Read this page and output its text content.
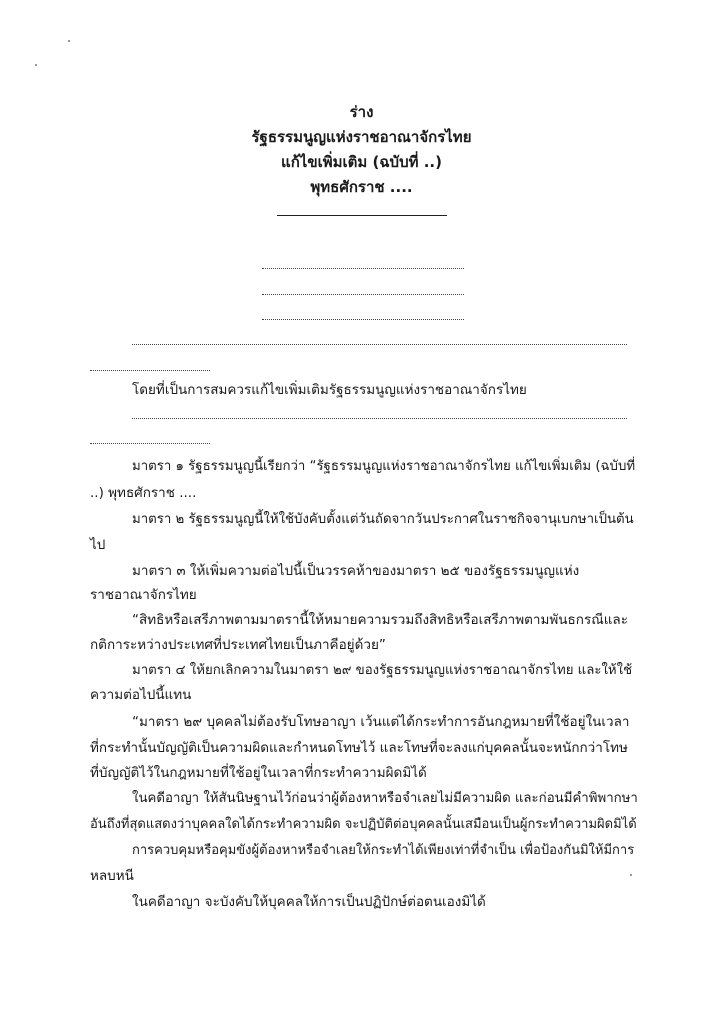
ร่าง
รัฐธรรมนูญแห่งราชอาณาจักรไทย
แก้ไขเพิ่มเติม (ฉบับที่ ..)
พุทธศักราช ....
โดยที่เป็นการสมควรแก้ไขเพิ่มเติมรัฐธรรมนูญแห่งราชอาณาจักรไทย
มาตรา ๑ รัฐธรรมนูญนี้เรียกว่า “รัฐธรรมนูญแห่งราชอาณาจักรไทย แก้ไขเพิ่มเติม (ฉบับที่
..) พุทธศักราช ....
มาตรา ๒ รัฐธรรมนูญนี้ให้ใช้บังคับตั้งแต่วันถัดจากวันประกาศในราชกิจจานุเบกษาเป็นต้น
ไป
มาตรา ๓ ให้เพิ่มความต่อไปนี้เป็นวรรคห้าของมาตรา ๒๕ ของรัฐธรรมนูญแห่ง
ราชอาณาจักรไทย
“สิทธิหรือเสรีภาพตามมาตรานี้ให้หมายความรวมถึงสิทธิหรือเสรีภาพตามพันธกรณีและ
กติการะหว่างประเทศที่ประเทศไทยเป็นภาคีอยู่ด้วย”
มาตรา ๔ ให้ยกเลิกความในมาตรา ๒๙ ของรัฐธรรมนูญแห่งราชอาณาจักรไทย และให้ใช้
ความต่อไปนี้แทน
“มาตรา ๒๙ บุคคลไม่ต้องรับโทษอาญา เว้นแต่ได้กระทำการอันกฎหมายที่ใช้อยู่ในเวลา
ที่กระทำนั้นบัญญัติเป็นความผิดและกำหนดโทษไว้ และโทษที่จะลงแก่บุคคลนั้นจะหนักกว่าโทษ
ที่บัญญัติไว้ในกฎหมายที่ใช้อยู่ในเวลาที่กระทำความผิดมิได้
ในคดีอาญา ให้สันนิษฐานไว้ก่อนว่าผู้ต้องหาหรือจำเลยไม่มีความผิด และก่อนมีคำพิพากษา
อันถึงที่สุดแสดงว่าบุคคลใดได้กระทำความผิด จะปฏิบัติต่อบุคคลนั้นเสมือนเป็นผู้กระทำความผิดมิได้
การควบคุมหรือคุมขังผู้ต้องหาหรือจำเลยให้กระทำได้เพียงเท่าที่จำเป็น เพื่อป้องกันมิให้มีการ
หลบหนี
ในคดีอาญา จะบังคับให้บุคคลให้การเป็นปฏิปักษ์ต่อตนเองมิได้
